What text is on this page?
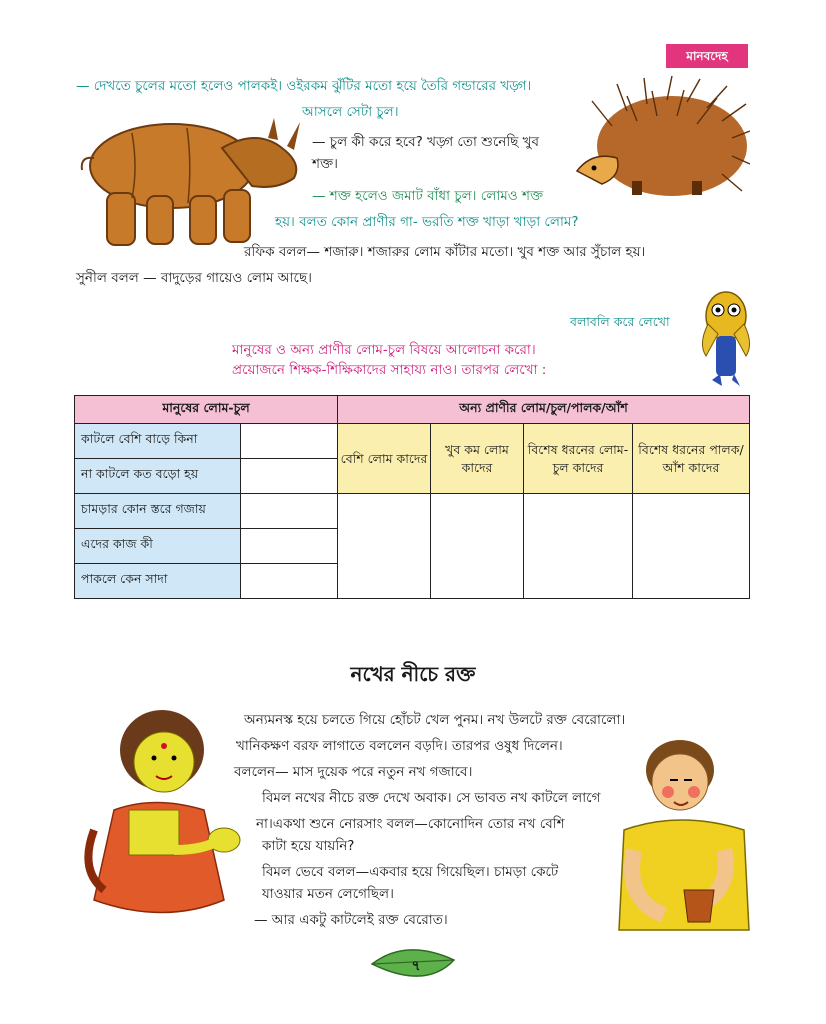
মানবদেহ
— দেখতে চুলের মতো হলেও পালকই। ওইরকম ঝুঁটির মতো হয়ে তৈরি গন্ডারের খড়্গ।
আসলে সেটা চুল।
— চুল কী করে হবে? খড়্গ তো শুনেছি খুব
শক্ত।
— শক্ত হলেও জমাট বাঁধা চুল। লোমও শক্ত
হয়। বলত কোন প্রাণীর গা- ভরতি শক্ত খাড়া খাড়া লোম?
রফিক বলল— শজারু। শজারুর লোম কাঁটার মতো। খুব শক্ত আর সুঁচাল হয়।
সুনীল বলল — বাদুড়ের গায়েও লোম আছে।
বলাবলি করে লেখো
মানুষের ও অন্য প্রাণীর লোম-চুল বিষয়ে আলোচনা করো।
প্রয়োজনে শিক্ষক-শিক্ষিকাদের সাহায্য নাও। তারপর লেখো :
মানুষের লোম-চুল		অন্য প্রাণীর লোম/চুল/পালক/আঁশ			
কাটলে বেশি বাড়ে কিনা		বেশি লোম কাদের	খুব কম লোম কাদের	বিশেষ ধরনের লোম-চুল কাদের	বিশেষ ধরনের পালক/আঁশ কাদের
না কাটলে কত বড়ো হয়					
চামড়ার কোন স্তরে গজায়					
এদের কাজ কী					
পাকলে কেন সাদা					
নখের নীচে রক্ত
অন্যমনস্ক হয়ে চলতে গিয়ে হোঁচট খেল পুনম। নখ উলটে রক্ত বেরোলো।
খানিকক্ষণ বরফ লাগাতে বললেন বড়দি। তারপর ওষুধ দিলেন।
বললেন— মাস দুয়েক পরে নতুন নখ গজাবে।
বিমল নখের নীচে রক্ত দেখে অবাক। সে ভাবত নখ কাটলে লাগে
না।একথা শুনে নোরসাং বলল—কোনোদিন তোর নখ বেশি
কাটা হয়ে যায়নি?
বিমল ভেবে বলল—একবার হয়ে গিয়েছিল। চামড়া কেটে
যাওয়ার মতন লেগেছিল।
— আর একটু কাটলেই রক্ত বেরোত।
৭
